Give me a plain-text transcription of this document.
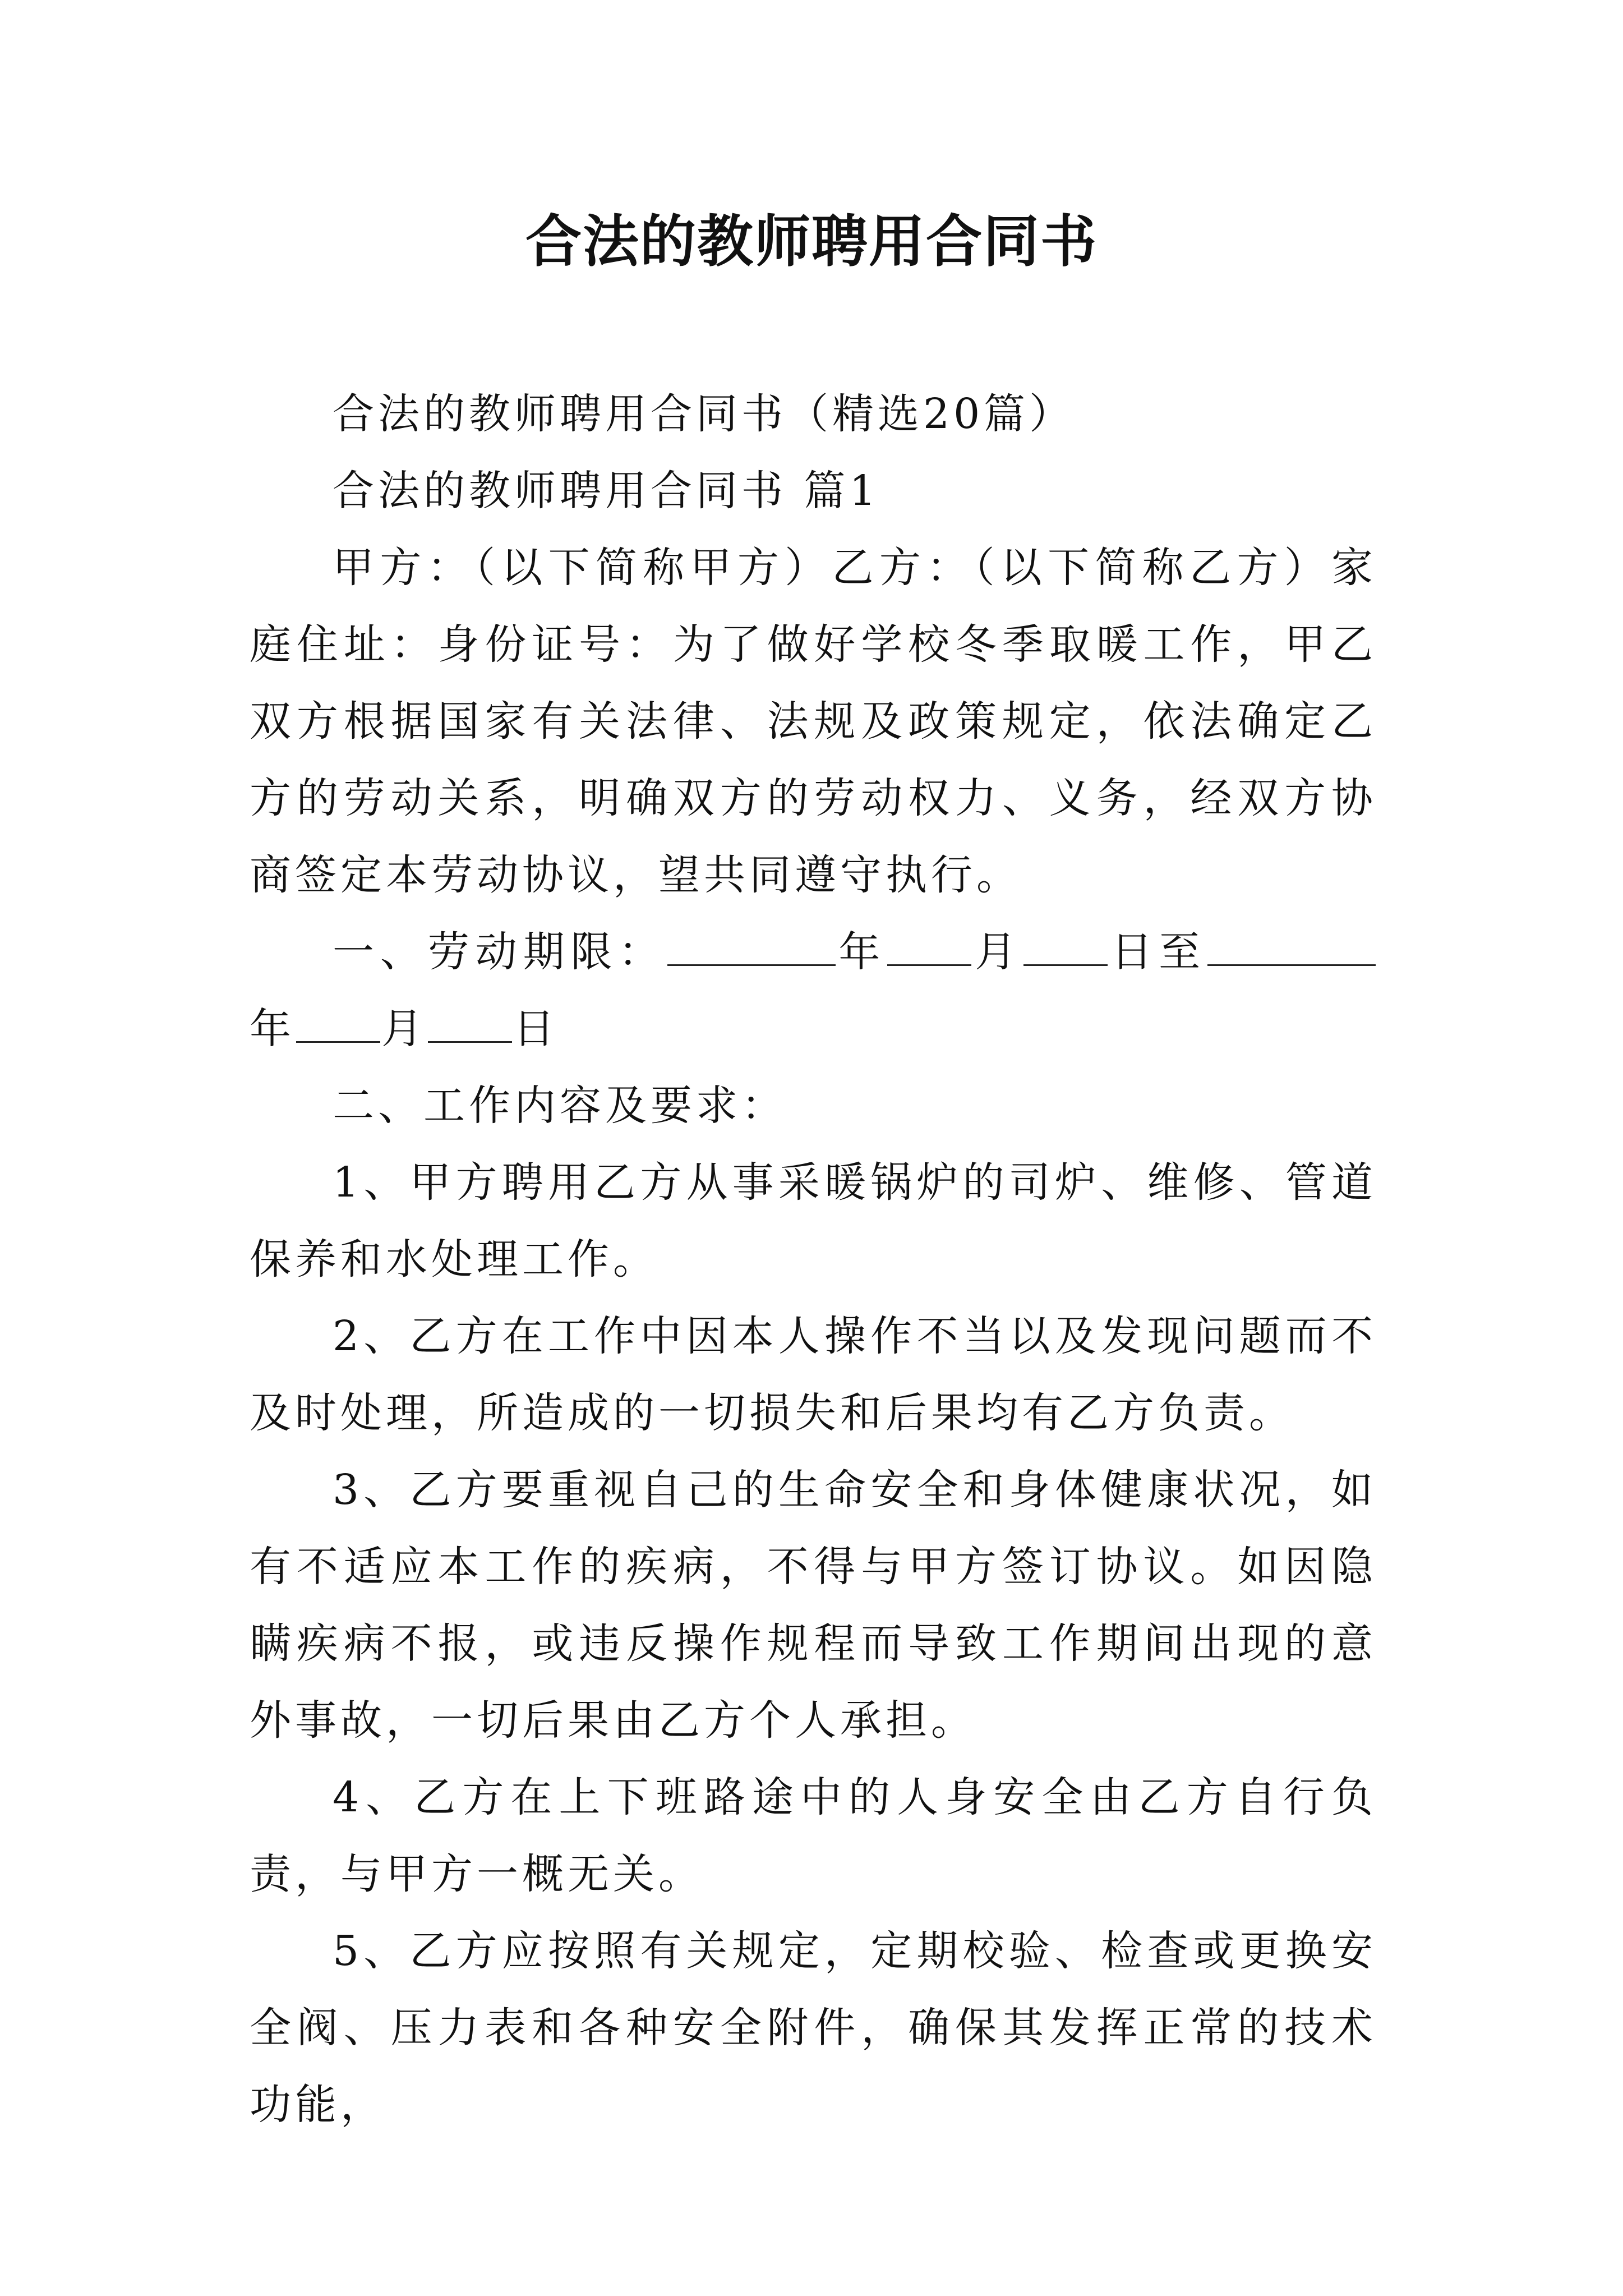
合法的教师聘用合同书

合法的教师聘用合同书（精选20篇）

合法的教师聘用合同书 篇1

甲方：（以下简称甲方）乙方：（以下简称乙方）家庭住址：身份证号：为了做好学校冬季取暖工作，甲乙双方根据国家有关法律、法规及政策规定，依法确定乙方的劳动关系，明确双方的劳动权力、义务，经双方协商签定本劳动协议，望共同遵守执行。

一、劳动期限：	年 月 日至年 月 日

二、工作内容及要求：

1、甲方聘用乙方从事采暖锅炉的司炉、维修、管道保养和水处理工作。

2、乙方在工作中因本人操作不当以及发现问题而不及时处理，所造成的一切损失和后果均有乙方负责。

3、乙方要重视自己的生命安全和身体健康状况，如有不适应本工作的疾病，不得与甲方签订协议。如因隐瞒疾病不报，或违反操作规程而导致工作期间出现的意外事故，一切后果由乙方个人承担。

4、乙方在上下班路途中的人身安全由乙方自行负责，与甲方一概无关。

5、乙方应按照有关规定，定期校验、检查或更换安全阀、压力表和各种安全附件，确保其发挥正常的技术功能，
